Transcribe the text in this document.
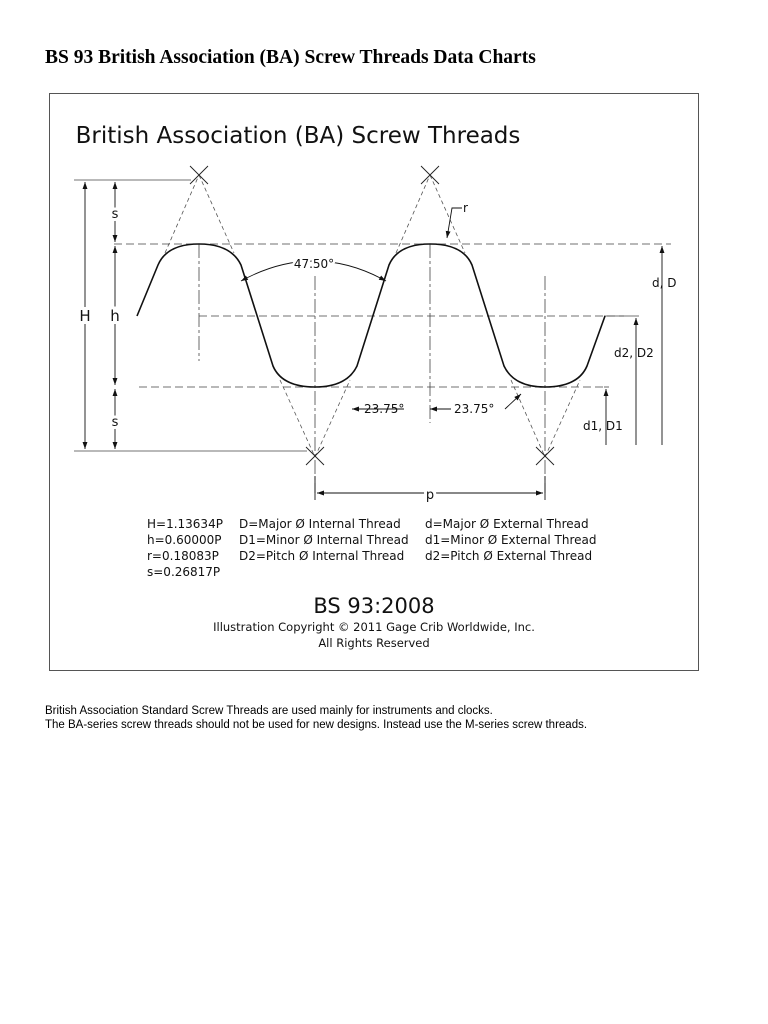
BS 93 British Association (BA) Screw Threads Data Charts
British Association (BA) Screw Threads
H
s
h
s
47.50°
23.75°	23.75°
r
p
d, D
d2, D2
d1, D1
H=1.13634P
h=0.60000P
r=0.18083P
s=0.26817P
D=Major Ø Internal Thread
D1=Minor Ø Internal Thread
D2=Pitch Ø Internal Thread
d=Major Ø External Thread
d1=Minor Ø External Thread
d2=Pitch Ø External Thread
BS 93:2008
Illustration Copyright © 2011 Gage Crib Worldwide, Inc.
All Rights Reserved

British Association Standard Screw Threads are used mainly for instruments and clocks.

The BA-series screw threads should not be used for new designs. Instead use the M-series screw threads.
